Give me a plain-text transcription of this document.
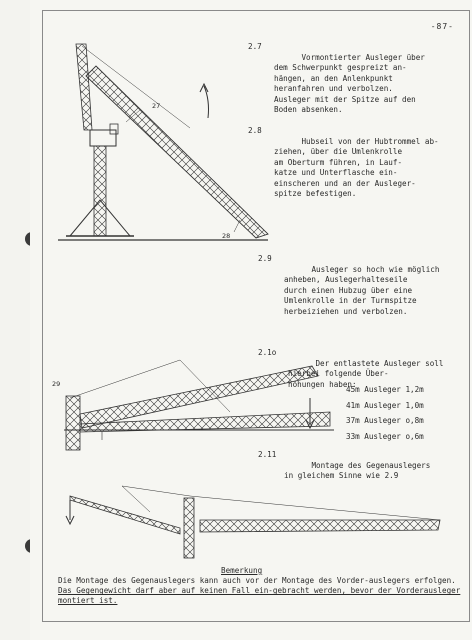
-87-
27
28
29

2.7

Vormontierter Ausleger über
dem Schwerpunkt gespreizt an-
hängen, an den Anlenkpunkt
heranfahren und verbolzen.
Ausleger mit der Spitze auf den
Boden absenken.

2.8

Hubseil von der Hubtrommel ab-
ziehen, über die Umlenkrolle
am Oberturm führen, in Lauf-
katze und Unterflasche ein-
einscheren und an der Ausleger-
spitze befestigen.

2.9

Ausleger so hoch wie möglich
anheben, Auslegerhalteseile
durch einen Hubzug über eine
Umlenkrolle in der Turmspitze
herbeiziehen und verbolzen.

2.1o

Der entlastete Ausleger soll
hierbei folgende Über-
höhungen haben:

45m Ausleger 1,2m
41m Ausleger 1,0m
37m Ausleger o,8m
33m Ausleger o,6m

2.11

Montage des Gegenauslegers
in gleichem Sinne wie 2.9

Bemerkung
Die Montage des Gegenauslegers kann auch vor der Montage des Vorder-auslegers erfolgen. Das Gegengewicht darf aber auf keinen Fall ein-gebracht werden, bevor der Vorderausleger montiert ist.
